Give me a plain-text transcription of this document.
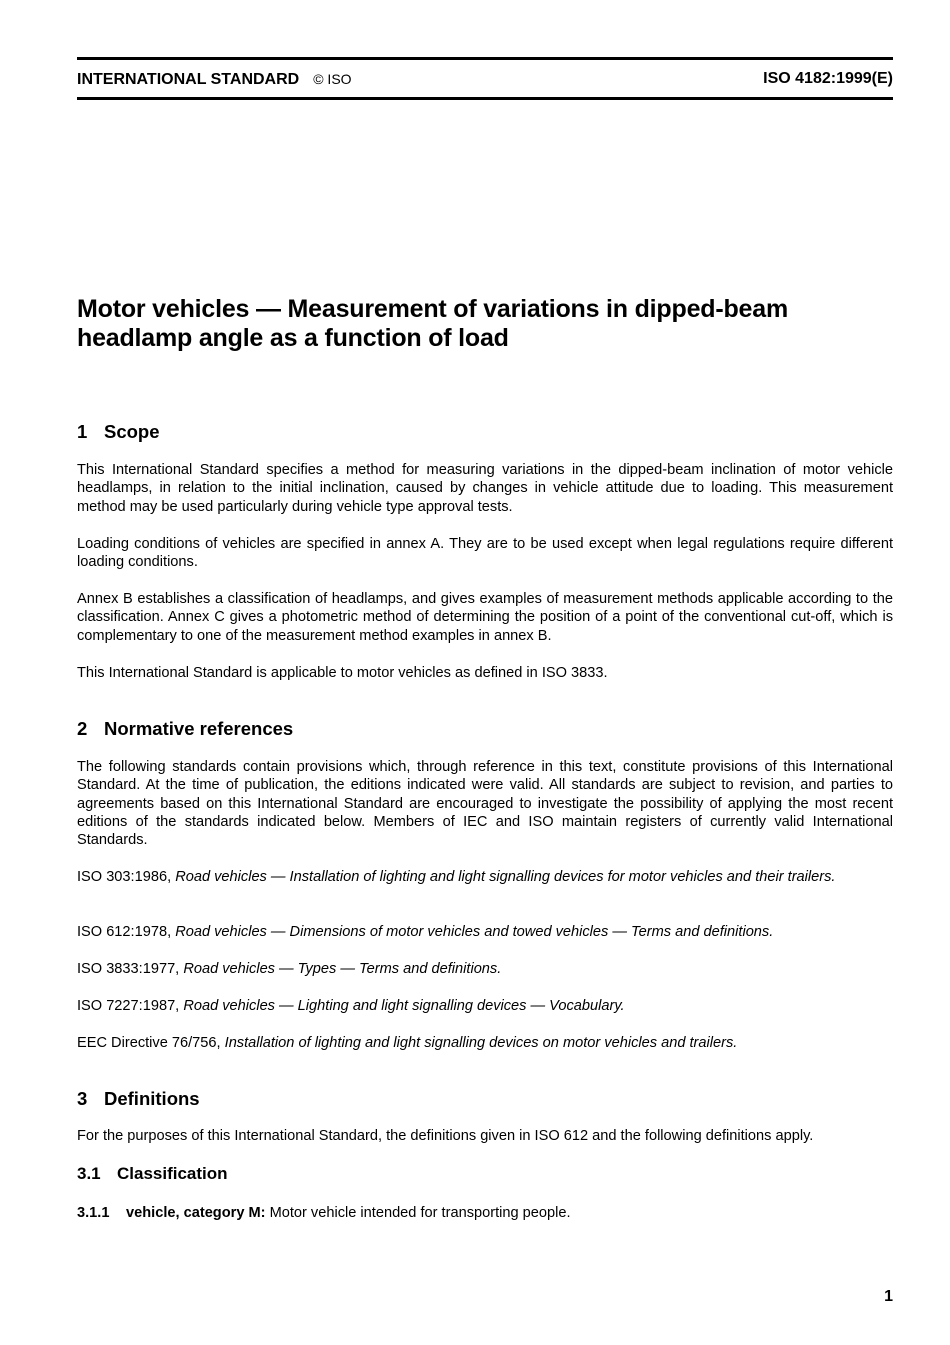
INTERNATIONAL STANDARD © ISO	ISO 4182:1999(E)
Motor vehicles — Measurement of variations in dipped-beam
headlamp angle as a function of load
1 Scope

This International Standard specifies a method for measuring variations in the dipped-beam inclination of motor vehicle headlamps, in relation to the initial inclination, caused by changes in vehicle attitude due to loading. This measurement method may be used particularly during vehicle type approval tests.

Loading conditions of vehicles are specified in annex A. They are to be used except when legal regulations require different loading conditions.

Annex B establishes a classification of headlamps, and gives examples of measurement methods applicable according to the classification. Annex C gives a photometric method of determining the position of a point of the conventional cut-off, which is complementary to one of the measurement method examples in annex B.

This International Standard is applicable to motor vehicles as defined in ISO 3833.

2 Normative references

The following standards contain provisions which, through reference in this text, constitute provisions of this International Standard. At the time of publication, the editions indicated were valid. All standards are subject to revision, and parties to agreements based on this International Standard are encouraged to investigate the possibility of applying the most recent editions of the standards indicated below. Members of IEC and ISO maintain registers of currently valid International Standards.

ISO 303:1986, Road vehicles — Installation of lighting and light signalling devices for motor vehicles and their trailers.

ISO 612:1978, Road vehicles — Dimensions of motor vehicles and towed vehicles — Terms and definitions.

ISO 3833:1977, Road vehicles — Types — Terms and definitions.

ISO 7227:1987, Road vehicles — Lighting and light signalling devices — Vocabulary.

EEC Directive 76/756, Installation of lighting and light signalling devices on motor vehicles and trailers.

3 Definitions

For the purposes of this International Standard, the definitions given in ISO 612 and the following definitions apply.

3.1 Classification

3.1.1 vehicle, category M: Motor vehicle intended for transporting people.

1
